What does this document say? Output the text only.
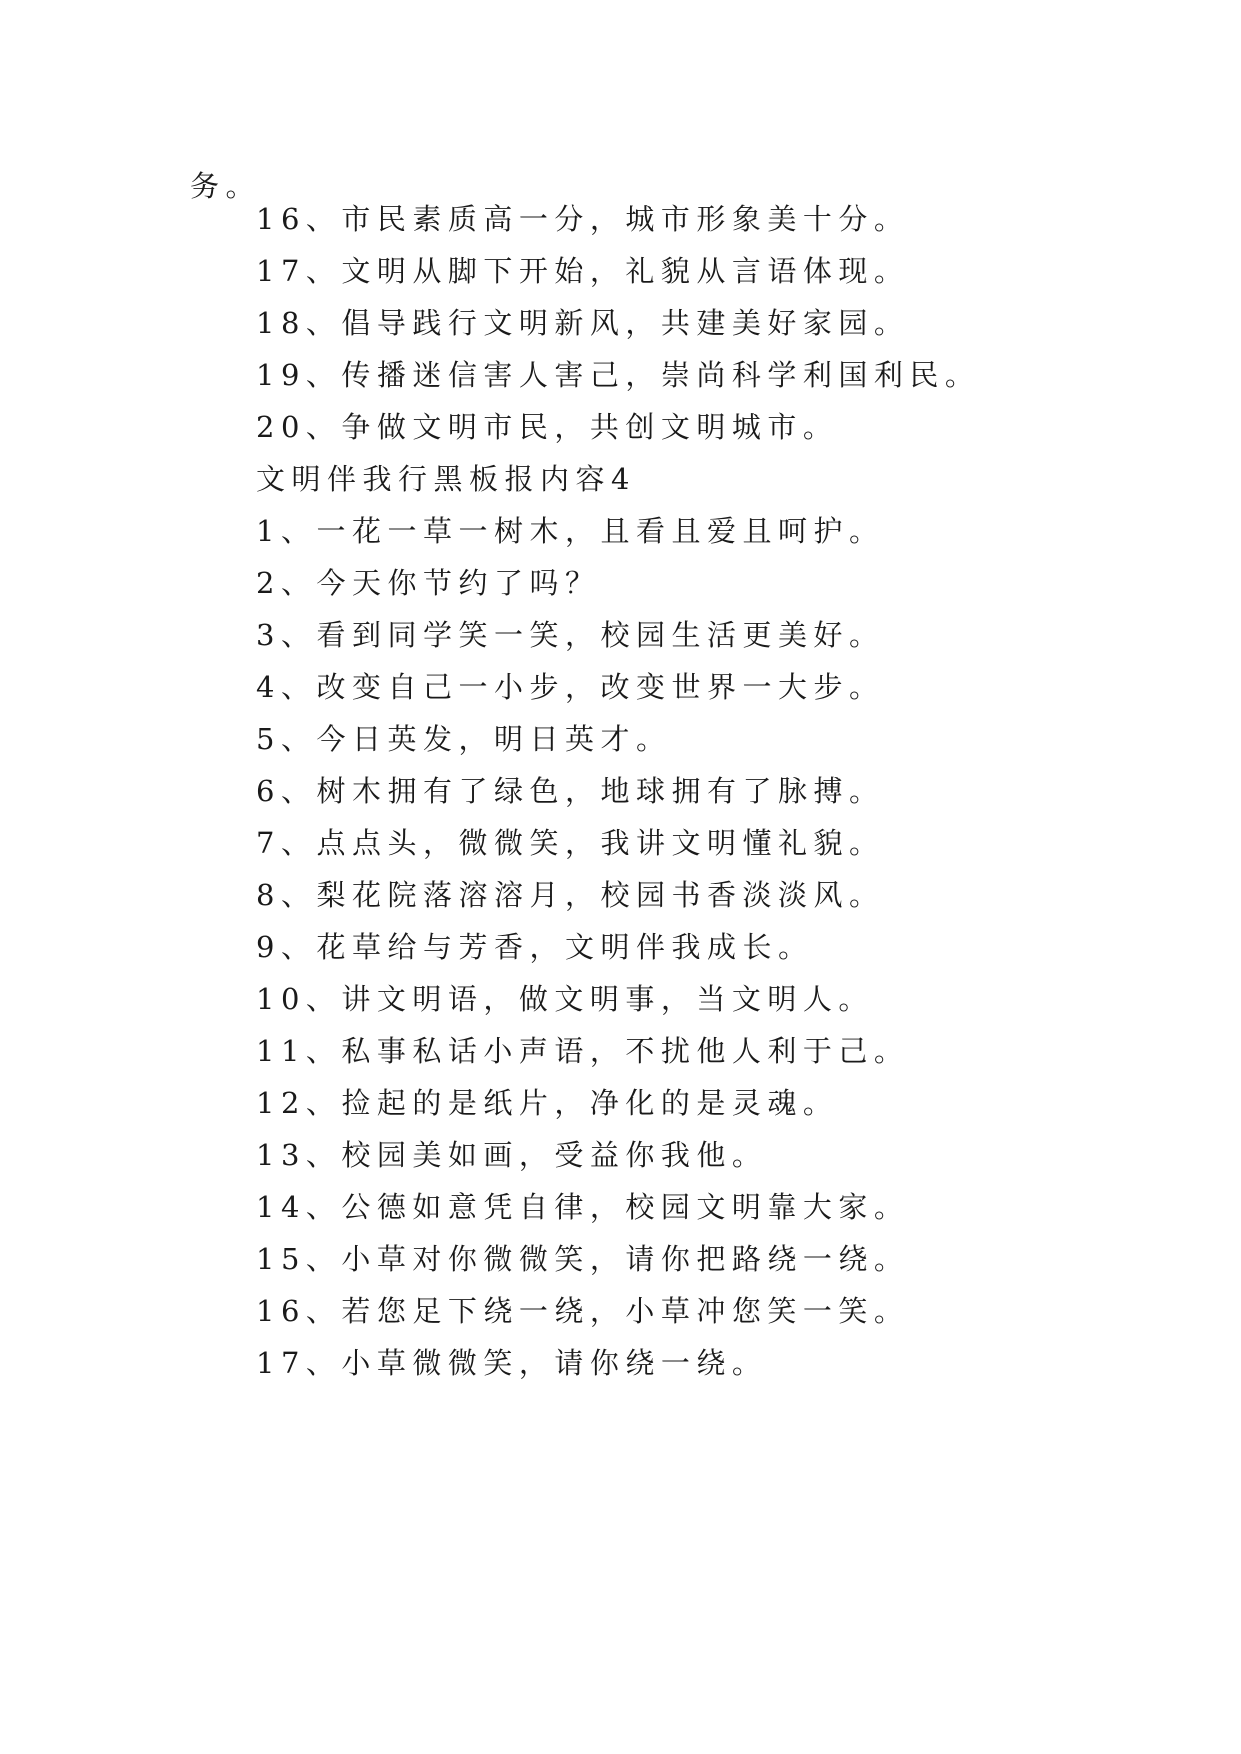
务。
16、市民素质高一分，城市形象美十分。
17、文明从脚下开始，礼貌从言语体现。
18、倡导践行文明新风，共建美好家园。
19、传播迷信害人害己，崇尚科学利国利民。
20、争做文明市民，共创文明城市。
文明伴我行黑板报内容4
1、一花一草一树木，且看且爱且呵护。
2、今天你节约了吗？
3、看到同学笑一笑，校园生活更美好。
4、改变自己一小步，改变世界一大步。
5、今日英发，明日英才。
6、树木拥有了绿色，地球拥有了脉搏。
7、点点头，微微笑，我讲文明懂礼貌。
8、梨花院落溶溶月，校园书香淡淡风。
9、花草给与芳香，文明伴我成长。
10、讲文明语，做文明事，当文明人。
11、私事私话小声语，不扰他人利于己。
12、捡起的是纸片，净化的是灵魂。
13、校园美如画，受益你我他。
14、公德如意凭自律，校园文明靠大家。
15、小草对你微微笑，请你把路绕一绕。
16、若您足下绕一绕，小草冲您笑一笑。
17、小草微微笑，请你绕一绕。
